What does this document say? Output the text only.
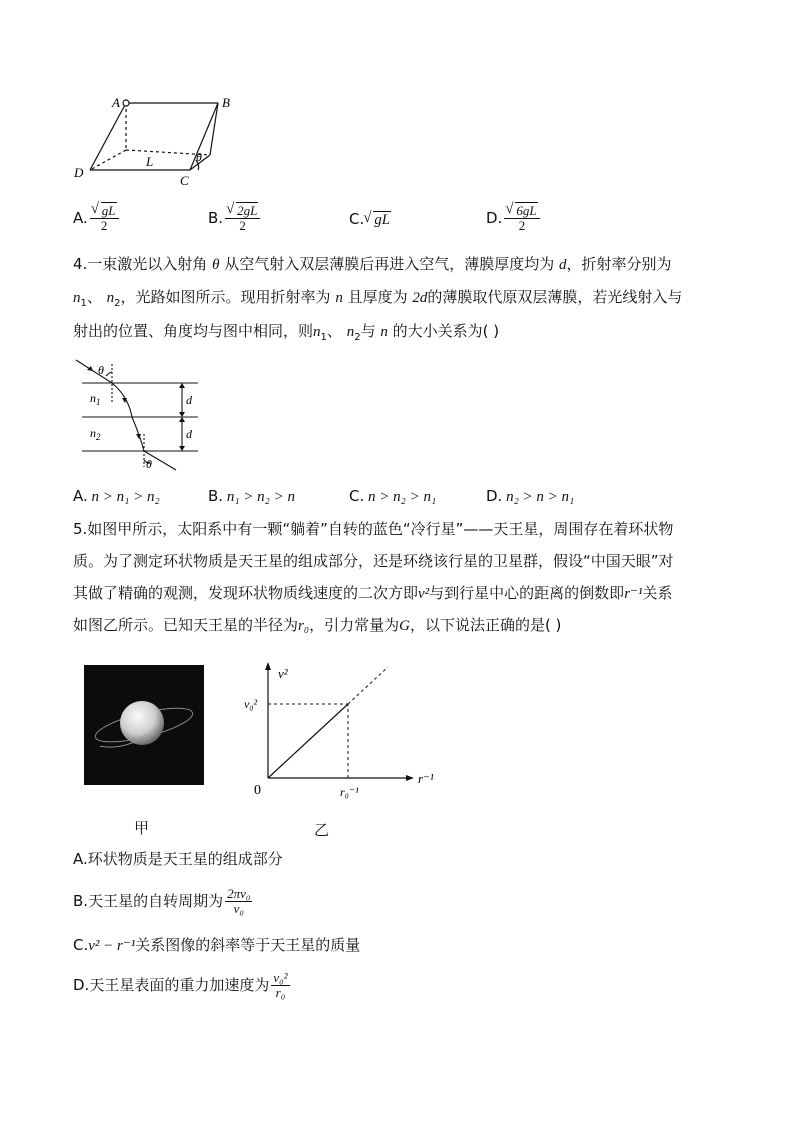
A	B
C
D
L	θ
A. √ $\frac{gL}{2}$	B. √ $\frac{2gL}{2}$	C. √ gL	D. √ $\frac{6gL}{2}$
4.一束激光以入射角 θ 从空气射入双层薄膜后再进入空气，薄膜厚度均为 d，折射率分别为
$n_1$、 $n_2$，光路如图所示。现用折射率为 n 且厚度为 2d的薄膜取代原双层薄膜，若光线射入与
射出的位置、角度均与图中相同，则$n_1$、 $n_2$与 n 的大小关系为( )
θ
$n_1$
$n_2$
d
d
θ
A. n > n₁ > n₂	B. n₁ > n₂ > n	C. n > n₂ > n₁	D. n₂ > n > n₁
5.如图甲所示，太阳系中有一颗“躺着”自转的蓝色“冷行星”——天王星，周围存在着环状物
质。为了测定环状物质是天王星的组成部分，还是环绕该行星的卫星群，假设“中国天眼”对
其做了精确的观测，发现环状物质线速度的二次方即v²与到行星中心的距离的倒数即r⁻¹关系
如图乙所示。已知天王星的半径为r₀，引力常量为G，以下说法正确的是( )
甲
v²
r⁻¹
0
v₀²
r₀⁻¹
乙
A.环状物质是天王星的组成部分
B.天王星的自转周期为 $\frac{\text{2πv₀}}{\text{v₀}}$
C.v² − r⁻¹关系图像的斜率等于天王星的质量
D.天王星表面的重力加速度为 $\frac{\text{v₀²}}{\text{r₀}}$
